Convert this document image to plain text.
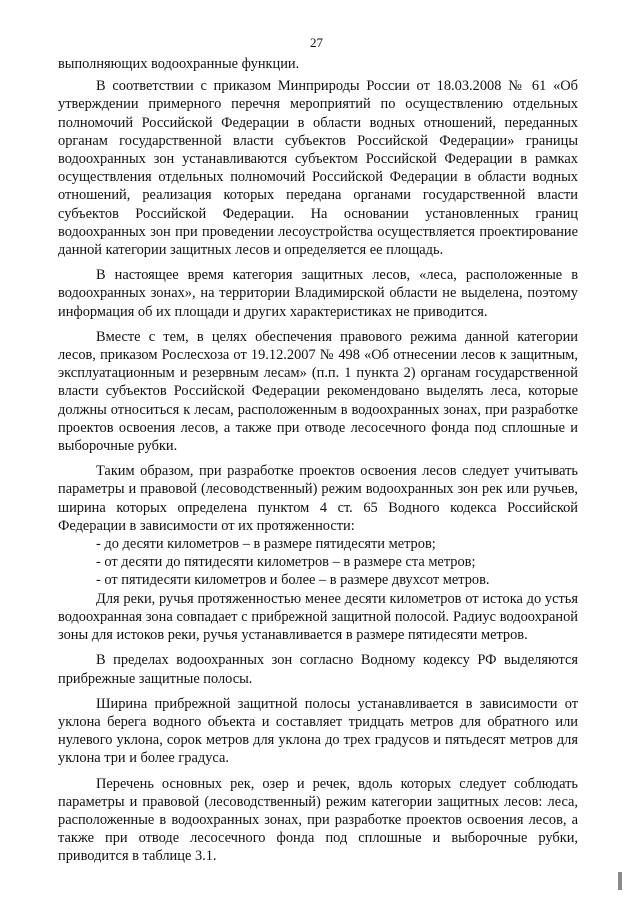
27

выполняющих водоохранные функции.

В соответствии с приказом Минприроды России от 18.03.2008 № 61 «Об утверждении примерного перечня мероприятий по осуществлению отдельных полномочий Российской Федерации в области водных отношений, переданных органам государственной власти субъектов Российской Федерации» границы водоохранных зон устанавливаются субъектом Российской Федерации в рамках осуществления отдельных полномочий Российской Федерации в области водных отношений, реализация которых передана органами государственной власти субъектов Российской Федерации. На основании установленных границ водоохранных зон при проведении лесоустройства осуществляется проектирование данной категории защитных лесов и определяется ее площадь.

В настоящее время категория защитных лесов, «леса, расположенные в водоохранных зонах», на территории Владимирской области не выделена, поэтому информация об их площади и других характеристиках не приводится.

Вместе с тем, в целях обеспечения правового режима данной категории лесов, приказом Рослесхоза от 19.12.2007 № 498 «Об отнесении лесов к защитным, эксплуатационным и резервным лесам» (п.п. 1 пункта 2) органам государственной власти субъектов Российской Федерации рекомендовано выделять леса, которые должны относиться к лесам, расположенным в водоохранных зонах, при разработке проектов освоения лесов, а также при отводе лесосечного фонда под сплошные и выборочные рубки.

Таким образом, при разработке проектов освоения лесов следует учитывать параметры и правовой (лесоводственный) режим водоохранных зон рек или ручьев, ширина которых определена пунктом 4 ст. 65 Водного кодекса Российской Федерации в зависимости от их протяженности:

- до десяти километров – в размере пятидесяти метров;

- от десяти до пятидесяти километров – в размере ста метров;

- от пятидесяти километров и более – в размере двухсот метров.

Для реки, ручья протяженностью менее десяти километров от истока до устья водоохранная зона совпадает с прибрежной защитной полосой. Радиус водоохраной зоны для истоков реки, ручья устанавливается в размере пятидесяти метров.

В пределах водоохранных зон согласно Водному кодексу РФ выделяются прибрежные защитные полосы.

Ширина прибрежной защитной полосы устанавливается в зависимости от уклона берега водного объекта и составляет тридцать метров для обратного или нулевого уклона, сорок метров для уклона до трех градусов и пятьдесят метров для уклона три и более градуса.

Перечень основных рек, озер и речек, вдоль которых следует соблюдать параметры и правовой (лесоводственный) режим категории защитных лесов: леса, расположенные в водоохранных зонах, при разработке проектов освоения лесов, а также при отводе лесосечного фонда под сплошные и выборочные рубки, приводится в таблице 3.1.
